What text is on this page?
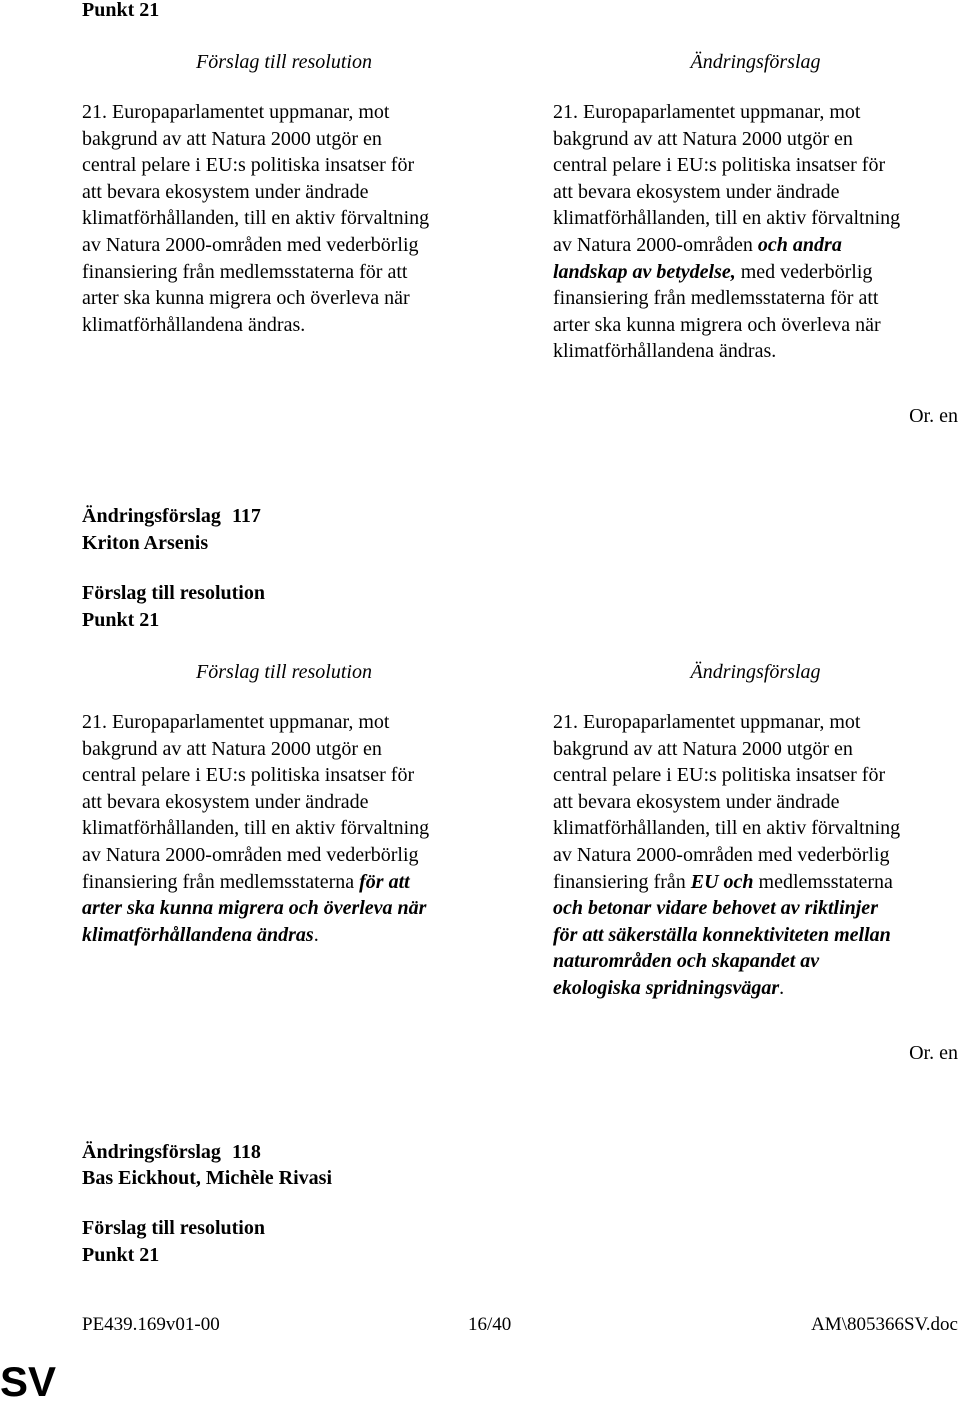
Punkt 21
Förslag till resolution	Ändringsförslag
21. Europaparlamentet uppmanar, mot
bakgrund av att Natura 2000 utgör en
central pelare i EU:s politiska insatser för
att bevara ekosystem under ändrade
klimatförhållanden, till en aktiv förvaltning
av Natura 2000-områden med vederbörlig
finansiering från medlemsstaterna för att
arter ska kunna migrera och överleva när
klimatförhållandena ändras.
21. Europaparlamentet uppmanar, mot
bakgrund av att Natura 2000 utgör en
central pelare i EU:s politiska insatser för
att bevara ekosystem under ändrade
klimatförhållanden, till en aktiv förvaltning
av Natura 2000-områden och andra
landskap av betydelse, med vederbörlig
finansiering från medlemsstaterna för att
arter ska kunna migrera och överleva när
klimatförhållandena ändras.
Or. en
Ändringsförslag	117
Kriton Arsenis
Förslag till resolution
Punkt 21
Förslag till resolution	Ändringsförslag
21. Europaparlamentet uppmanar, mot
bakgrund av att Natura 2000 utgör en
central pelare i EU:s politiska insatser för
att bevara ekosystem under ändrade
klimatförhållanden, till en aktiv förvaltning
av Natura 2000-områden med vederbörlig
finansiering från medlemsstaterna för att
arter ska kunna migrera och överleva när
klimatförhållandena ändras.
21. Europaparlamentet uppmanar, mot
bakgrund av att Natura 2000 utgör en
central pelare i EU:s politiska insatser för
att bevara ekosystem under ändrade
klimatförhållanden, till en aktiv förvaltning
av Natura 2000-områden med vederbörlig
finansiering från EU och medlemsstaterna
och betonar vidare behovet av riktlinjer
för att säkerställa konnektiviteten mellan
naturområden och skapandet av
ekologiska spridningsvägar.
Or. en
Ändringsförslag	118
Bas Eickhout, Michèle Rivasi
Förslag till resolution
Punkt 21
PE439.169v01-00	16/40	AM\805366SV.doc
SV
